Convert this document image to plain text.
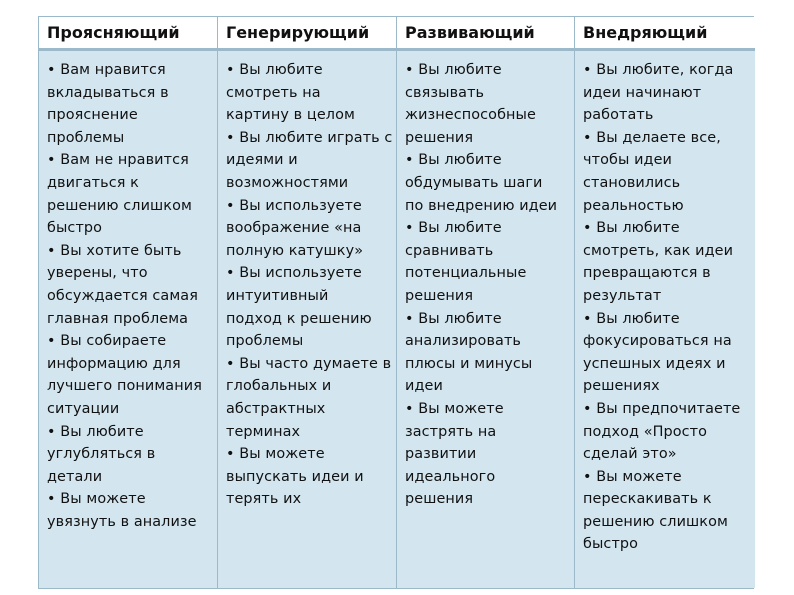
Проясняющий	Генерирующий Развивающий	Внедряющий
• Вам нравится
вкладываться в
прояснение
проблемы
• Вам не нравится
двигаться к
решению слишком
быстро
• Вы хотите быть
уверены, что
обсуждается самая
главная проблема
• Вы собираете
информацию для
лучшего понимания
ситуации
• Вы любите
углубляться в
детали
• Вы можете
увязнуть в анализе
• Вы любите
смотреть на
картину в целом
• Вы любите играть с
идеями и
возможностями
• Вы используете
воображение «на
полную катушку»
• Вы используете
интуитивный
подход к решению
проблемы
• Вы часто думаете в
глобальных и
абстрактных
терминах
• Вы можете
выпускать идеи и
терять их
• Вы любите
связывать
жизнеспособные
решения
• Вы любите
обдумывать шаги
по внедрению идеи
• Вы любите
сравнивать
потенциальные
решения
• Вы любите
анализировать
плюсы и минусы
идеи
• Вы можете
застрять на
развитии
идеального
решения
• Вы любите, когда
идеи начинают
работать
• Вы делаете все,
чтобы идеи
становились
реальностью
• Вы любите
смотреть, как идеи
превращаются в
результат
• Вы любите
фокусироваться на
успешных идеях и
решениях
• Вы предпочитаете
подход «Просто
сделай это»
• Вы можете
перескакивать к
решению слишком
быстро
